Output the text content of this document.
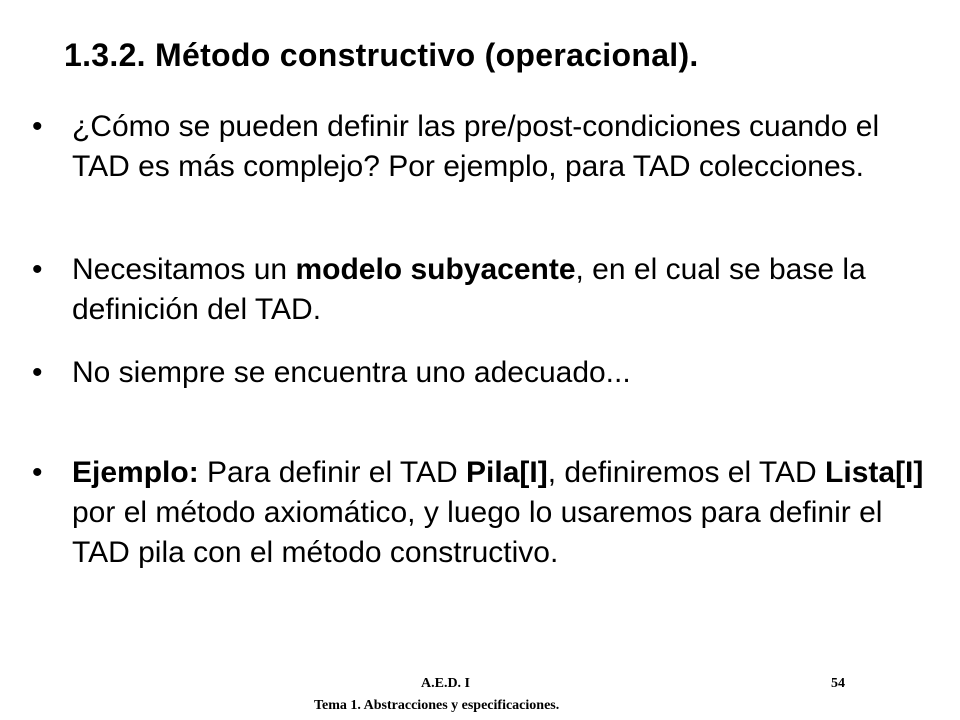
1.3.2. Método constructivo (operacional).
• ¿Cómo se pueden definir las pre/post-condiciones cuando el TAD es más complejo? Por ejemplo, para TAD colecciones.
• Necesitamos un modelo subyacente, en el cual se base la definición del TAD.
• No siempre se encuentra uno adecuado...
• Ejemplo: Para definir el TAD Pila[I], definiremos el TAD Lista[I] por el método axiomático, y luego lo usaremos para definir el TAD pila con el método constructivo.
A.E.D. I	54
Tema 1. Abstracciones y especificaciones.
